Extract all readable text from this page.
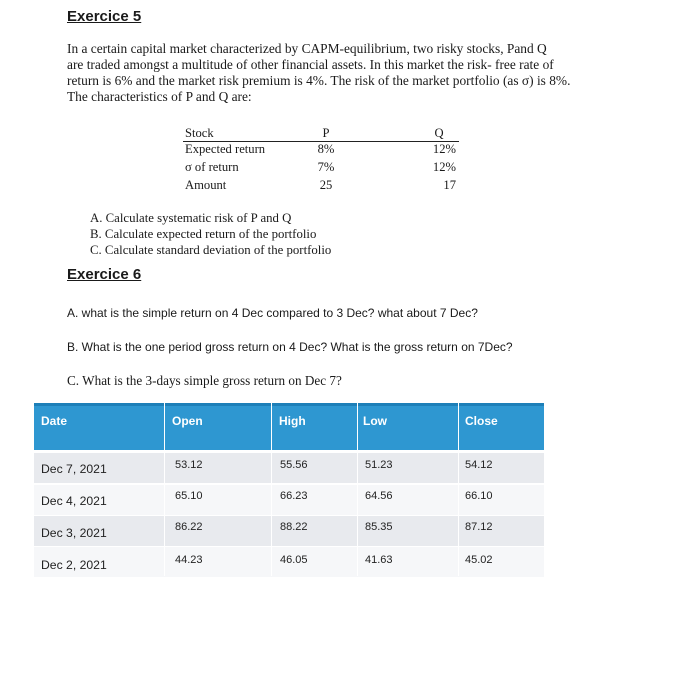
Exercice 5
In a certain capital market characterized by CAPM-equilibrium, two risky stocks, Pand Q
are traded amongst a multitude of other financial assets. In this market the risk- free rate of
return is 6% and the market risk premium is 4%. The risk of the market portfolio (as σ) is 8%.
The characteristics of P and Q are:
Stock	P	Q
Expected return	8%	12%
σ of return	7%	12%
Amount	25	17
A. Calculate systematic risk of P and Q
B. Calculate expected return of the portfolio
C. Calculate standard deviation of the portfolio
Exercice 6
A. what is the simple return on 4 Dec compared to 3 Dec? what about 7 Dec?
B. What is the one period gross return on 4 Dec? What is the gross return on 7Dec?
C. What is the 3-days simple gross return on Dec 7?
Date	Open	High	Low	Close
Dec 7, 2021	53.12	55.56	51.23	54.12
Dec 4, 2021	65.10	66.23	64.56	66.10
Dec 3, 2021	86.22	88.22	85.35	87.12
Dec 2, 2021	44.23	46.05	41.63	45.02
